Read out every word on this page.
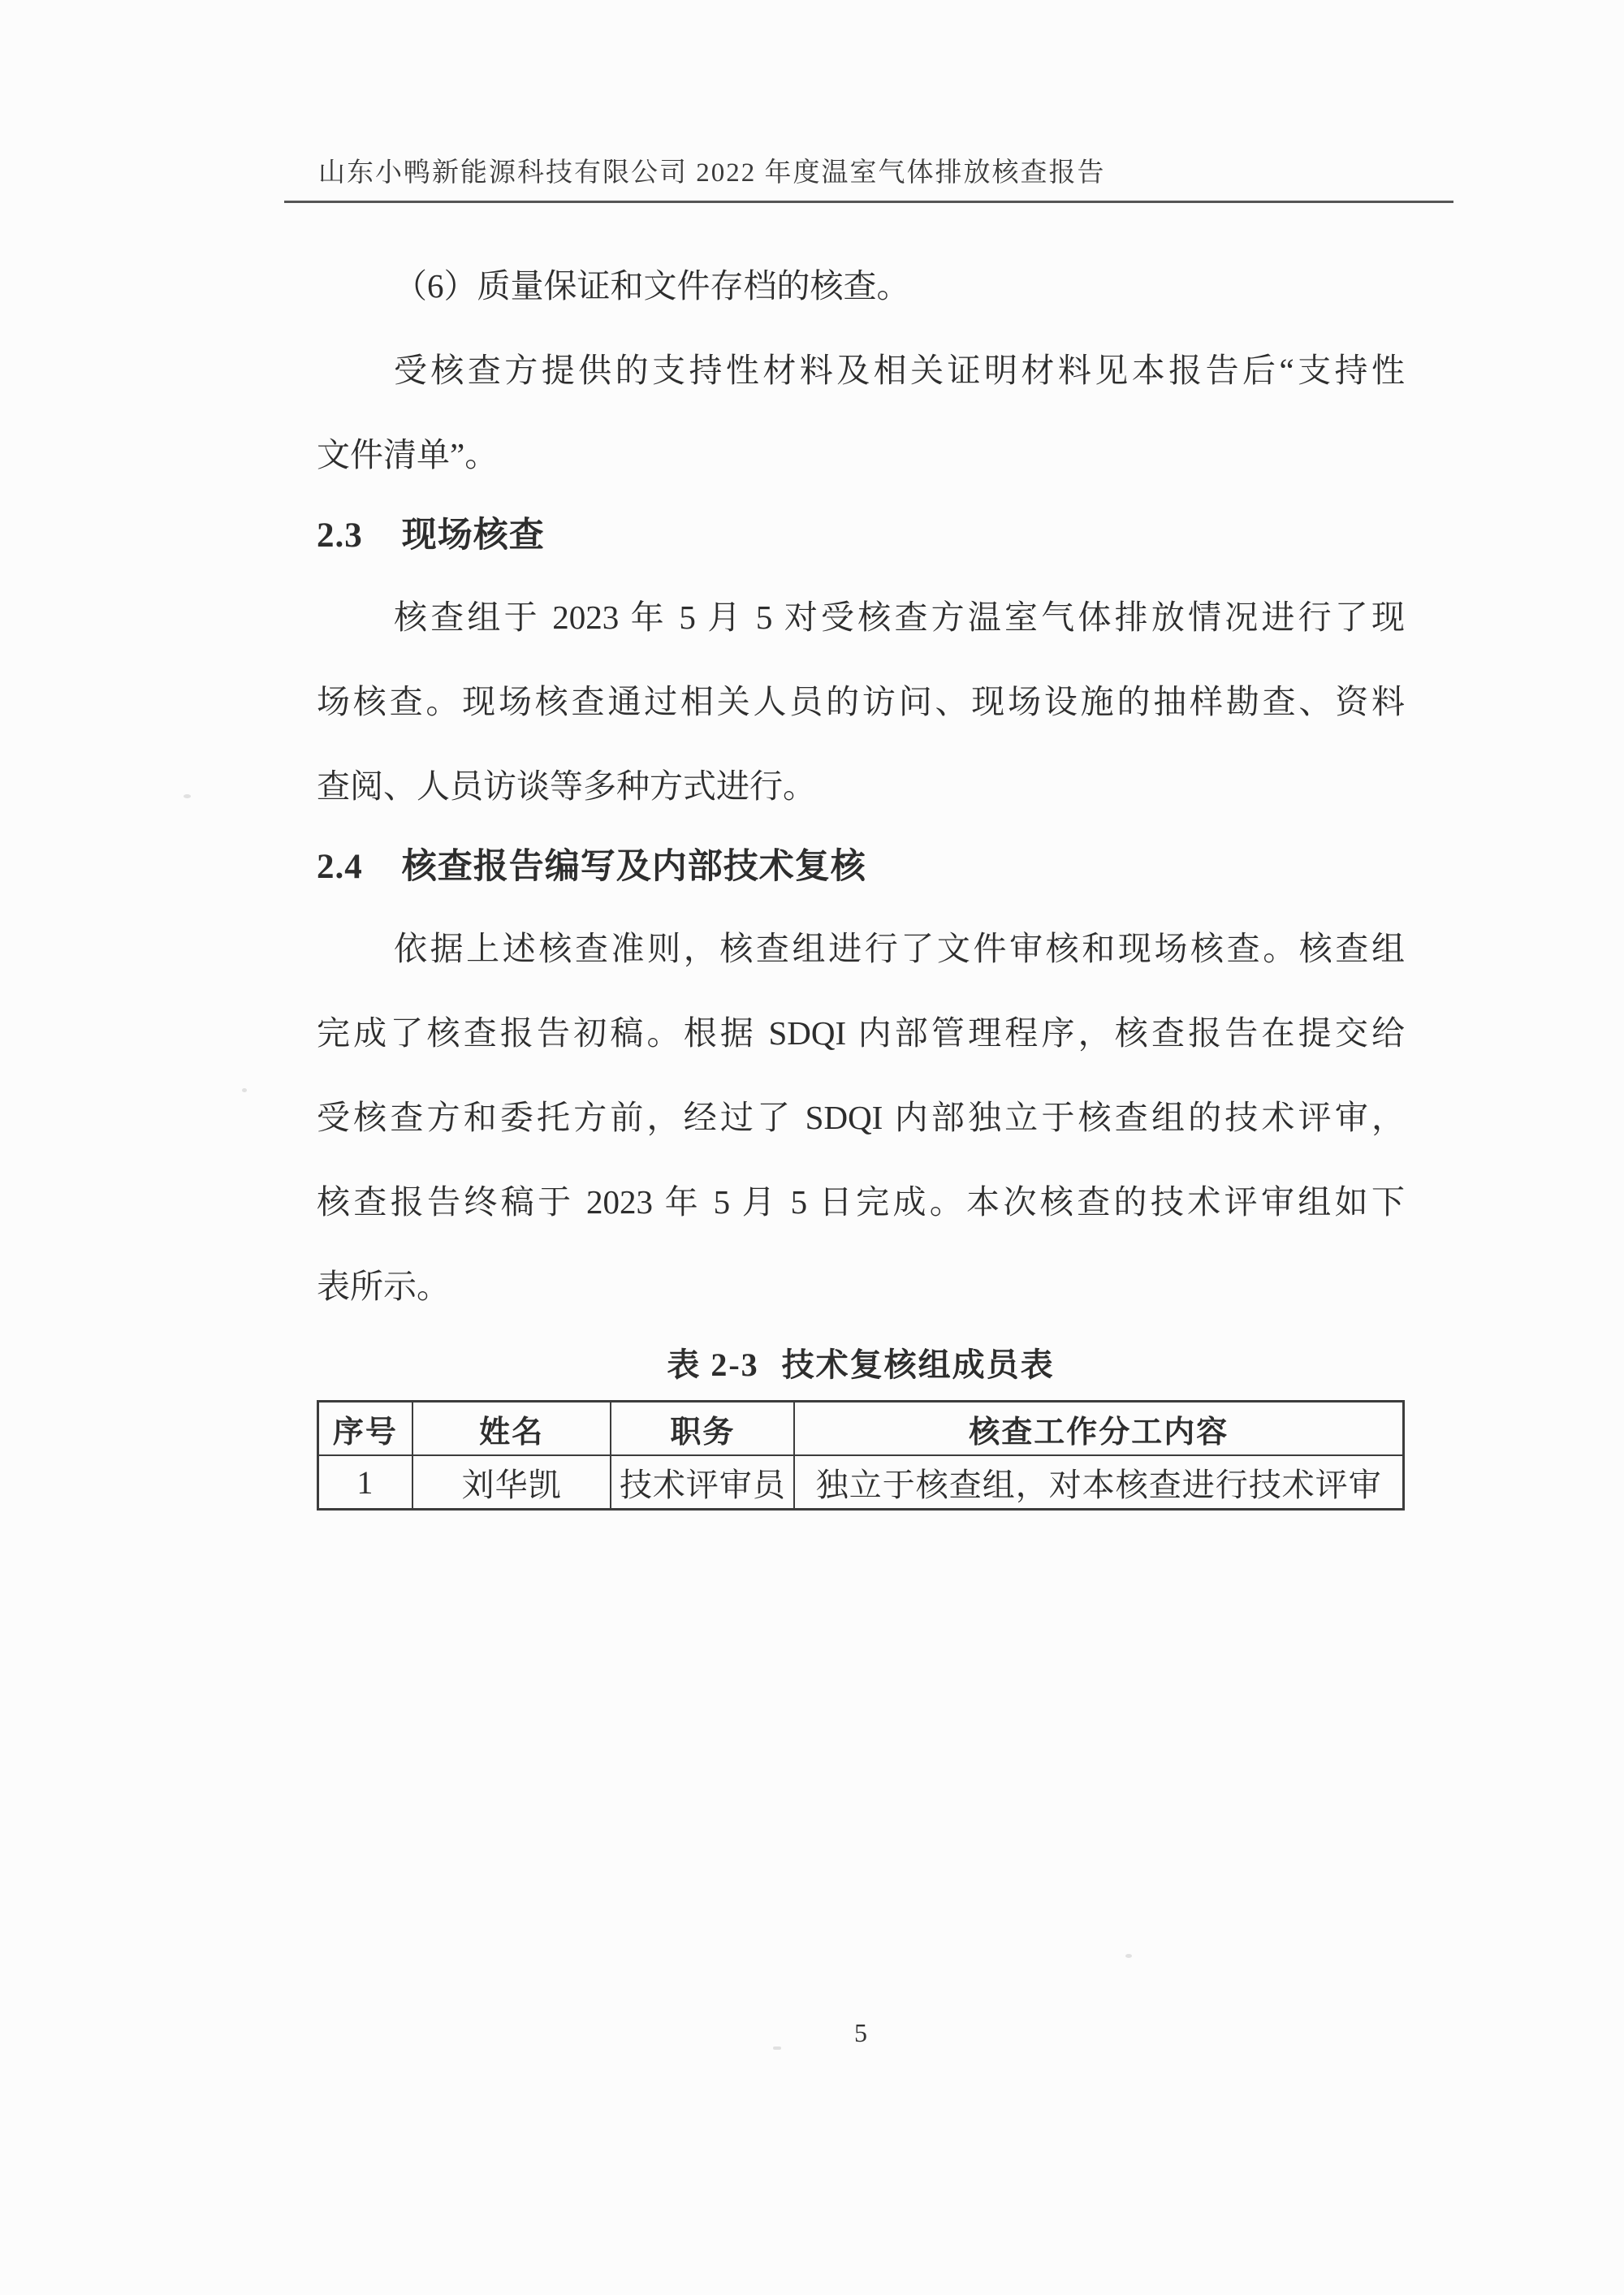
山东小鸭新能源科技有限公司 2022 年度温室气体排放核查报告
（6）质量保证和文件存档的核查。
受核查方提供的支持性材料及相关证明材料见本报告后“支持性
文件清单”。
2.3 现场核查
核查组于 2023 年 5 月 5 对受核查方温室气体排放情况进行了现
场核查。现场核查通过相关人员的访问、现场设施的抽样勘查、资料
查阅、人员访谈等多种方式进行。
2.4 核查报告编写及内部技术复核
依据上述核查准则，核查组进行了文件审核和现场核查。核查组
完成了核查报告初稿。根据 SDQI 内部管理程序，核查报告在提交给
受核查方和委托方前，经过了 SDQI 内部独立于核查组的技术评审，
核查报告终稿于 2023 年 5 月 5 日完成。本次核查的技术评审组如下
表所示。
表 2-3 技术复核组成员表
序号	姓名	职务	核查工作分工内容
1	刘华凯	技术评审员	独立于核查组，对本核查进行技术评审
5
